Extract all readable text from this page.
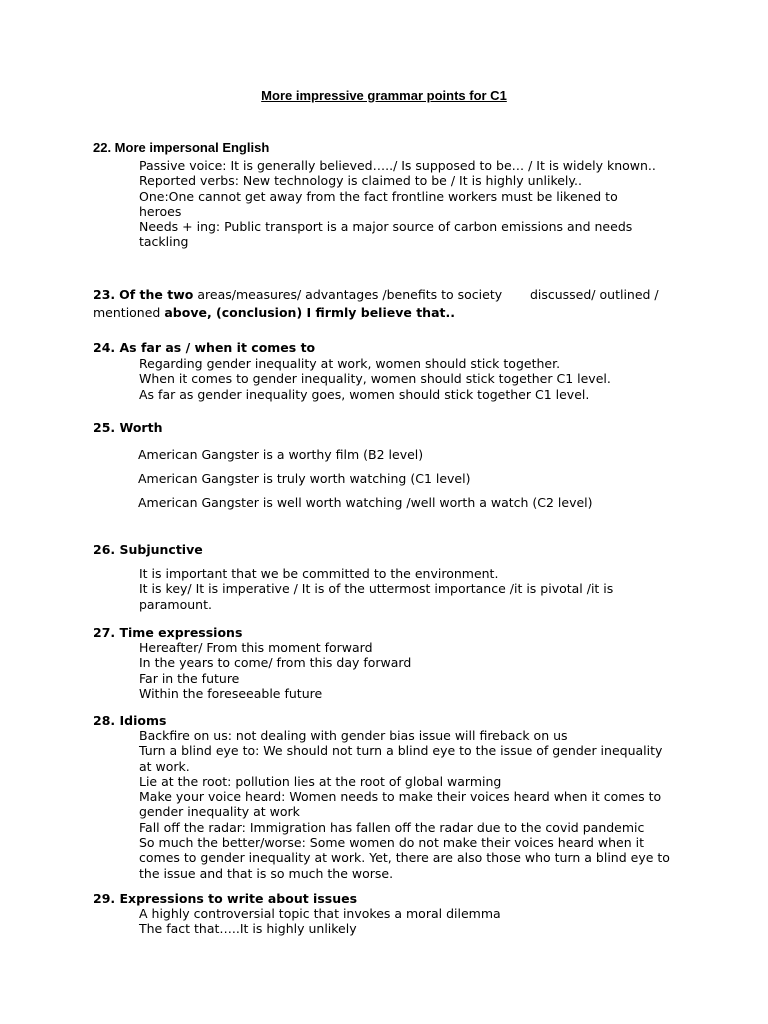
More impressive grammar points for C1
22. More impersonal English
Passive voice: It is generally believed…../ Is supposed to be… / It is widely known..
Reported verbs: New technology is claimed to be / It is highly unlikely..
One:One cannot get away from the fact frontline workers must be likened to heroes
Needs + ing: Public transport is a major source of carbon emissions and needs tackling
23. Of the two areas/measures/ advantages /benefits to society       discussed/ outlined / mentioned above, (conclusion) I firmly believe that..
24. As far as / when it comes to
Regarding gender inequality at work, women should stick together.
When it comes to gender inequality, women should stick together C1 level.
As far as gender inequality goes, women should stick together C1 level.
25. Worth
American Gangster is a worthy film (B2 level)
American Gangster is truly worth watching (C1 level)
American Gangster is well worth watching /well worth a watch (C2 level)
26. Subjunctive
It is important that we be committed to the environment.
It is key/ It is imperative / It is of the uttermost importance /it is pivotal /it is paramount.
27. Time expressions
Hereafter/ From this moment forward
In the years to come/ from this day forward
Far in the future
Within the foreseeable future
28. Idioms
Backfire on us: not dealing with gender bias issue will fireback on us
Turn a blind eye to: We should not turn a blind eye to the issue of gender inequality at work.
Lie at the root: pollution lies at the root of global warming
Make your voice heard: Women needs to make their voices heard when it comes to gender inequality at work
Fall off the radar: Immigration has fallen off the radar due to the covid pandemic
So much the better/worse: Some women do not make their voices heard when it comes to gender inequality at work. Yet, there are also those who turn a blind eye to the issue and that is so much the worse.
29. Expressions to write about issues
A highly controversial topic that invokes a moral dilemma
The fact that…..It is highly unlikely
